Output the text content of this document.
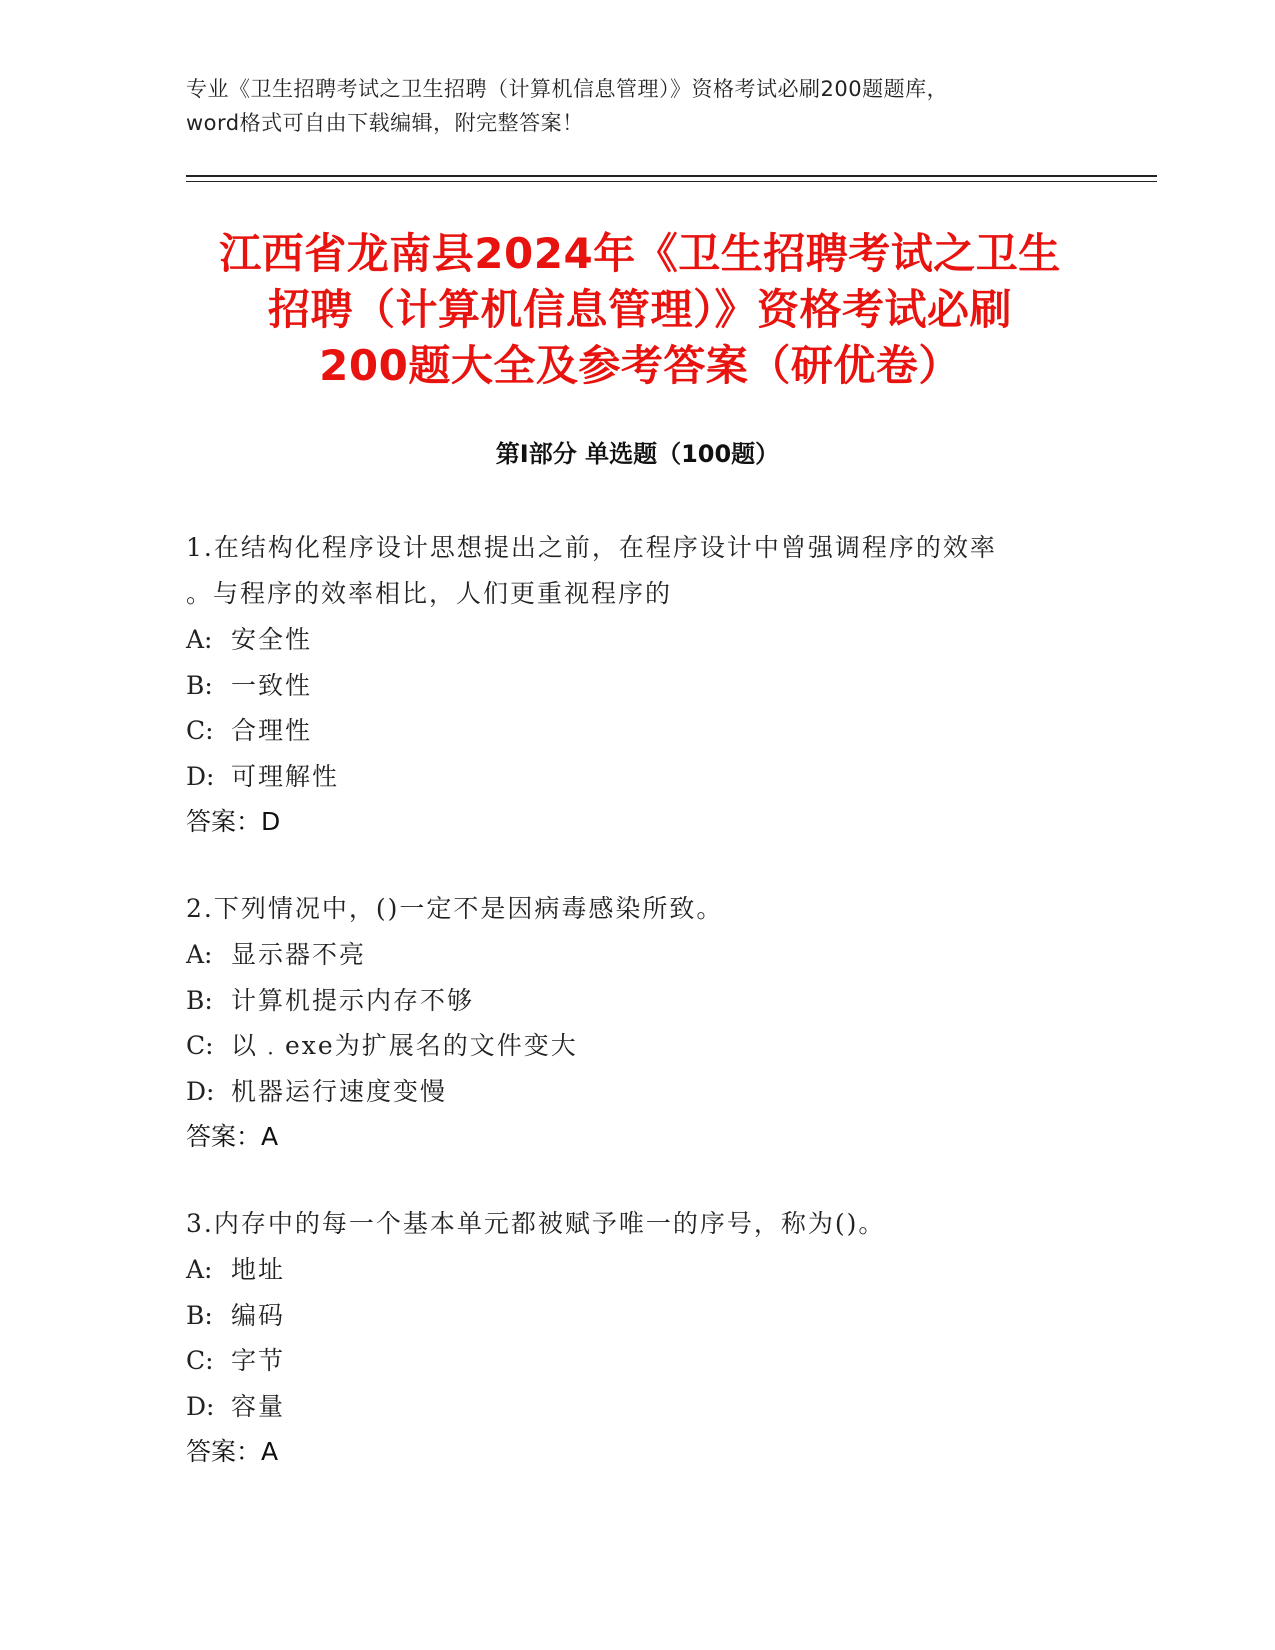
专业《卫生招聘考试之卫生招聘（计算机信息管理）》资格考试必刷200题题库，
word格式可自由下载编辑，附完整答案！
江西省龙南县2024年《卫生招聘考试之卫生
招聘（计算机信息管理）》资格考试必刷
200题大全及参考答案（研优卷）
第Ⅰ部分 单选题（100题）
1.在结构化程序设计思想提出之前，在程序设计中曾强调程序的效率
。与程序的效率相比，人们更重视程序的
A: 安全性
B: 一致性
C: 合理性
D: 可理解性
答案：D
2.下列情况中，()一定不是因病毒感染所致。
A: 显示器不亮
B: 计算机提示内存不够
C: 以﹒exe为扩展名的文件变大
D: 机器运行速度变慢
答案：A
3.内存中的每一个基本单元都被赋予唯一的序号，称为()。
A: 地址
B: 编码
C: 字节
D: 容量
答案：A
